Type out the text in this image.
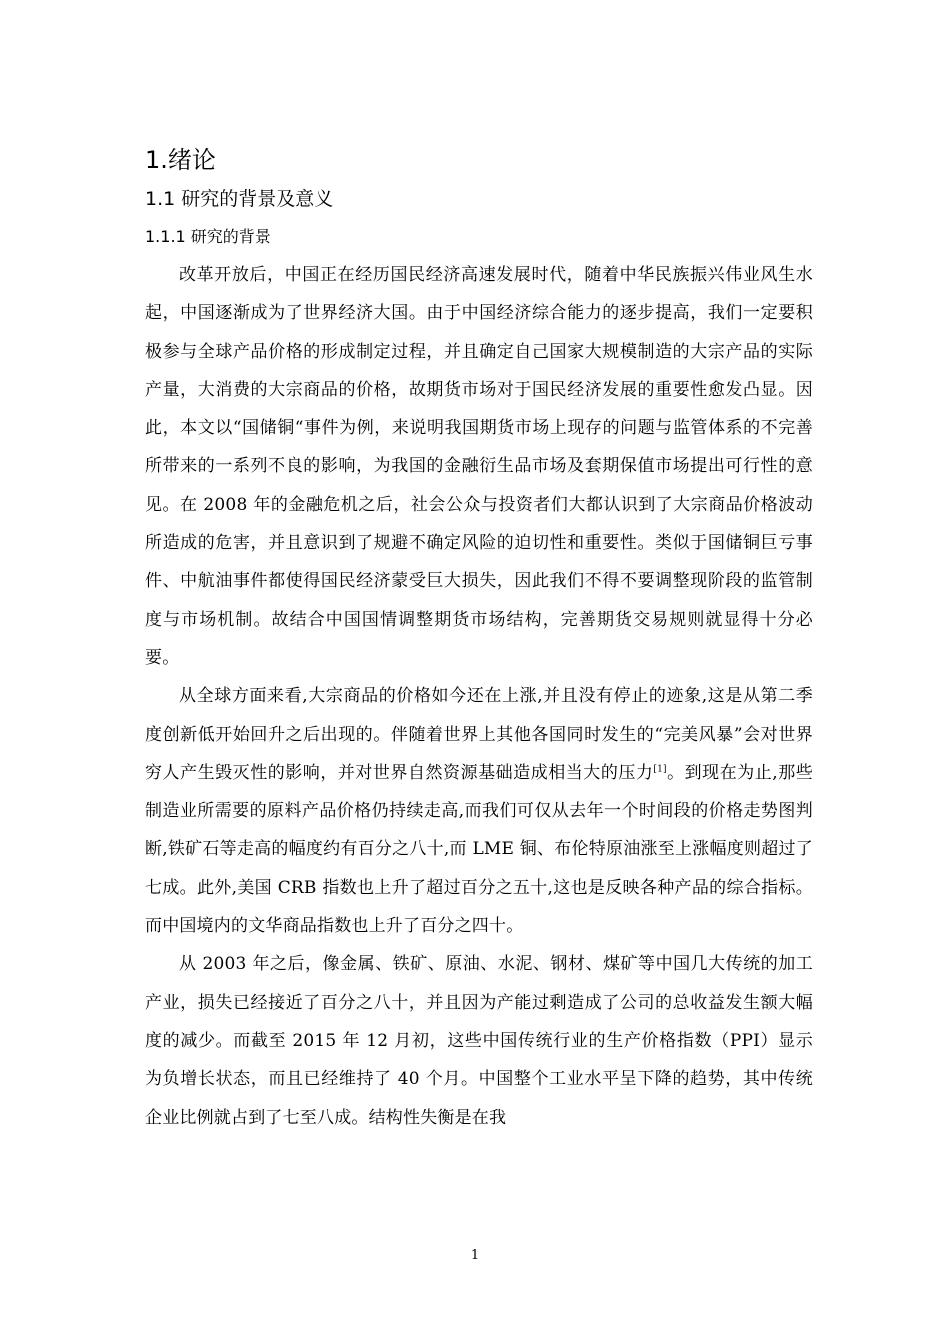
1.绪论
1.1 研究的背景及意义
1.1.1 研究的背景

改革开放后，中国正在经历国民经济高速发展时代，随着中华民族振兴伟业风生水起，中国逐渐成为了世界经济大国。由于中国经济综合能力的逐步提高，我们一定要积极参与全球产品价格的形成制定过程，并且确定自己国家大规模制造的大宗产品的实际产量，大消费的大宗商品的价格，故期货市场对于国民经济发展的重要性愈发凸显。因此，本文以“国储铜“事件为例，来说明我国期货市场上现存的问题与监管体系的不完善所带来的一系列不良的影响，为我国的金融衍生品市场及套期保值市场提出可行性的意见。在 2008 年的金融危机之后，社会公众与投资者们大都认识到了大宗商品价格波动所造成的危害，并且意识到了规避不确定风险的迫切性和重要性。类似于国储铜巨亏事件、中航油事件都使得国民经济蒙受巨大损失，因此我们不得不要调整现阶段的监管制度与市场机制。故结合中国国情调整期货市场结构，完善期货交易规则就显得十分必要。

从全球方面来看,大宗商品的价格如今还在上涨,并且没有停止的迹象,这是从第二季度创新低开始回升之后出现的。伴随着世界上其他各国同时发生的“完美风暴”会对世界穷人产生毁灭性的影响，并对世界自然资源基础造成相当大的压力[1]。到现在为止,那些制造业所需要的原料产品价格仍持续走高,而我们可仅从去年一个时间段的价格走势图判断,铁矿石等走高的幅度约有百分之八十,而 LME 铜、布伦特原油涨至上涨幅度则超过了七成。此外,美国 CRB 指数也上升了超过百分之五十,这也是反映各种产品的综合指标。而中国境内的文华商品指数也上升了百分之四十。

从 2003 年之后，像金属、铁矿、原油、水泥、钢材、煤矿等中国几大传统的加工产业，损失已经接近了百分之八十，并且因为产能过剩造成了公司的总收益发生额大幅度的减少。而截至 2015 年 12 月初，这些中国传统行业的生产价格指数（PPI）显示为负增长状态，而且已经维持了 40 个月。中国整个工业水平呈下降的趋势，其中传统企业比例就占到了七至八成。结构性失衡是在我

1
